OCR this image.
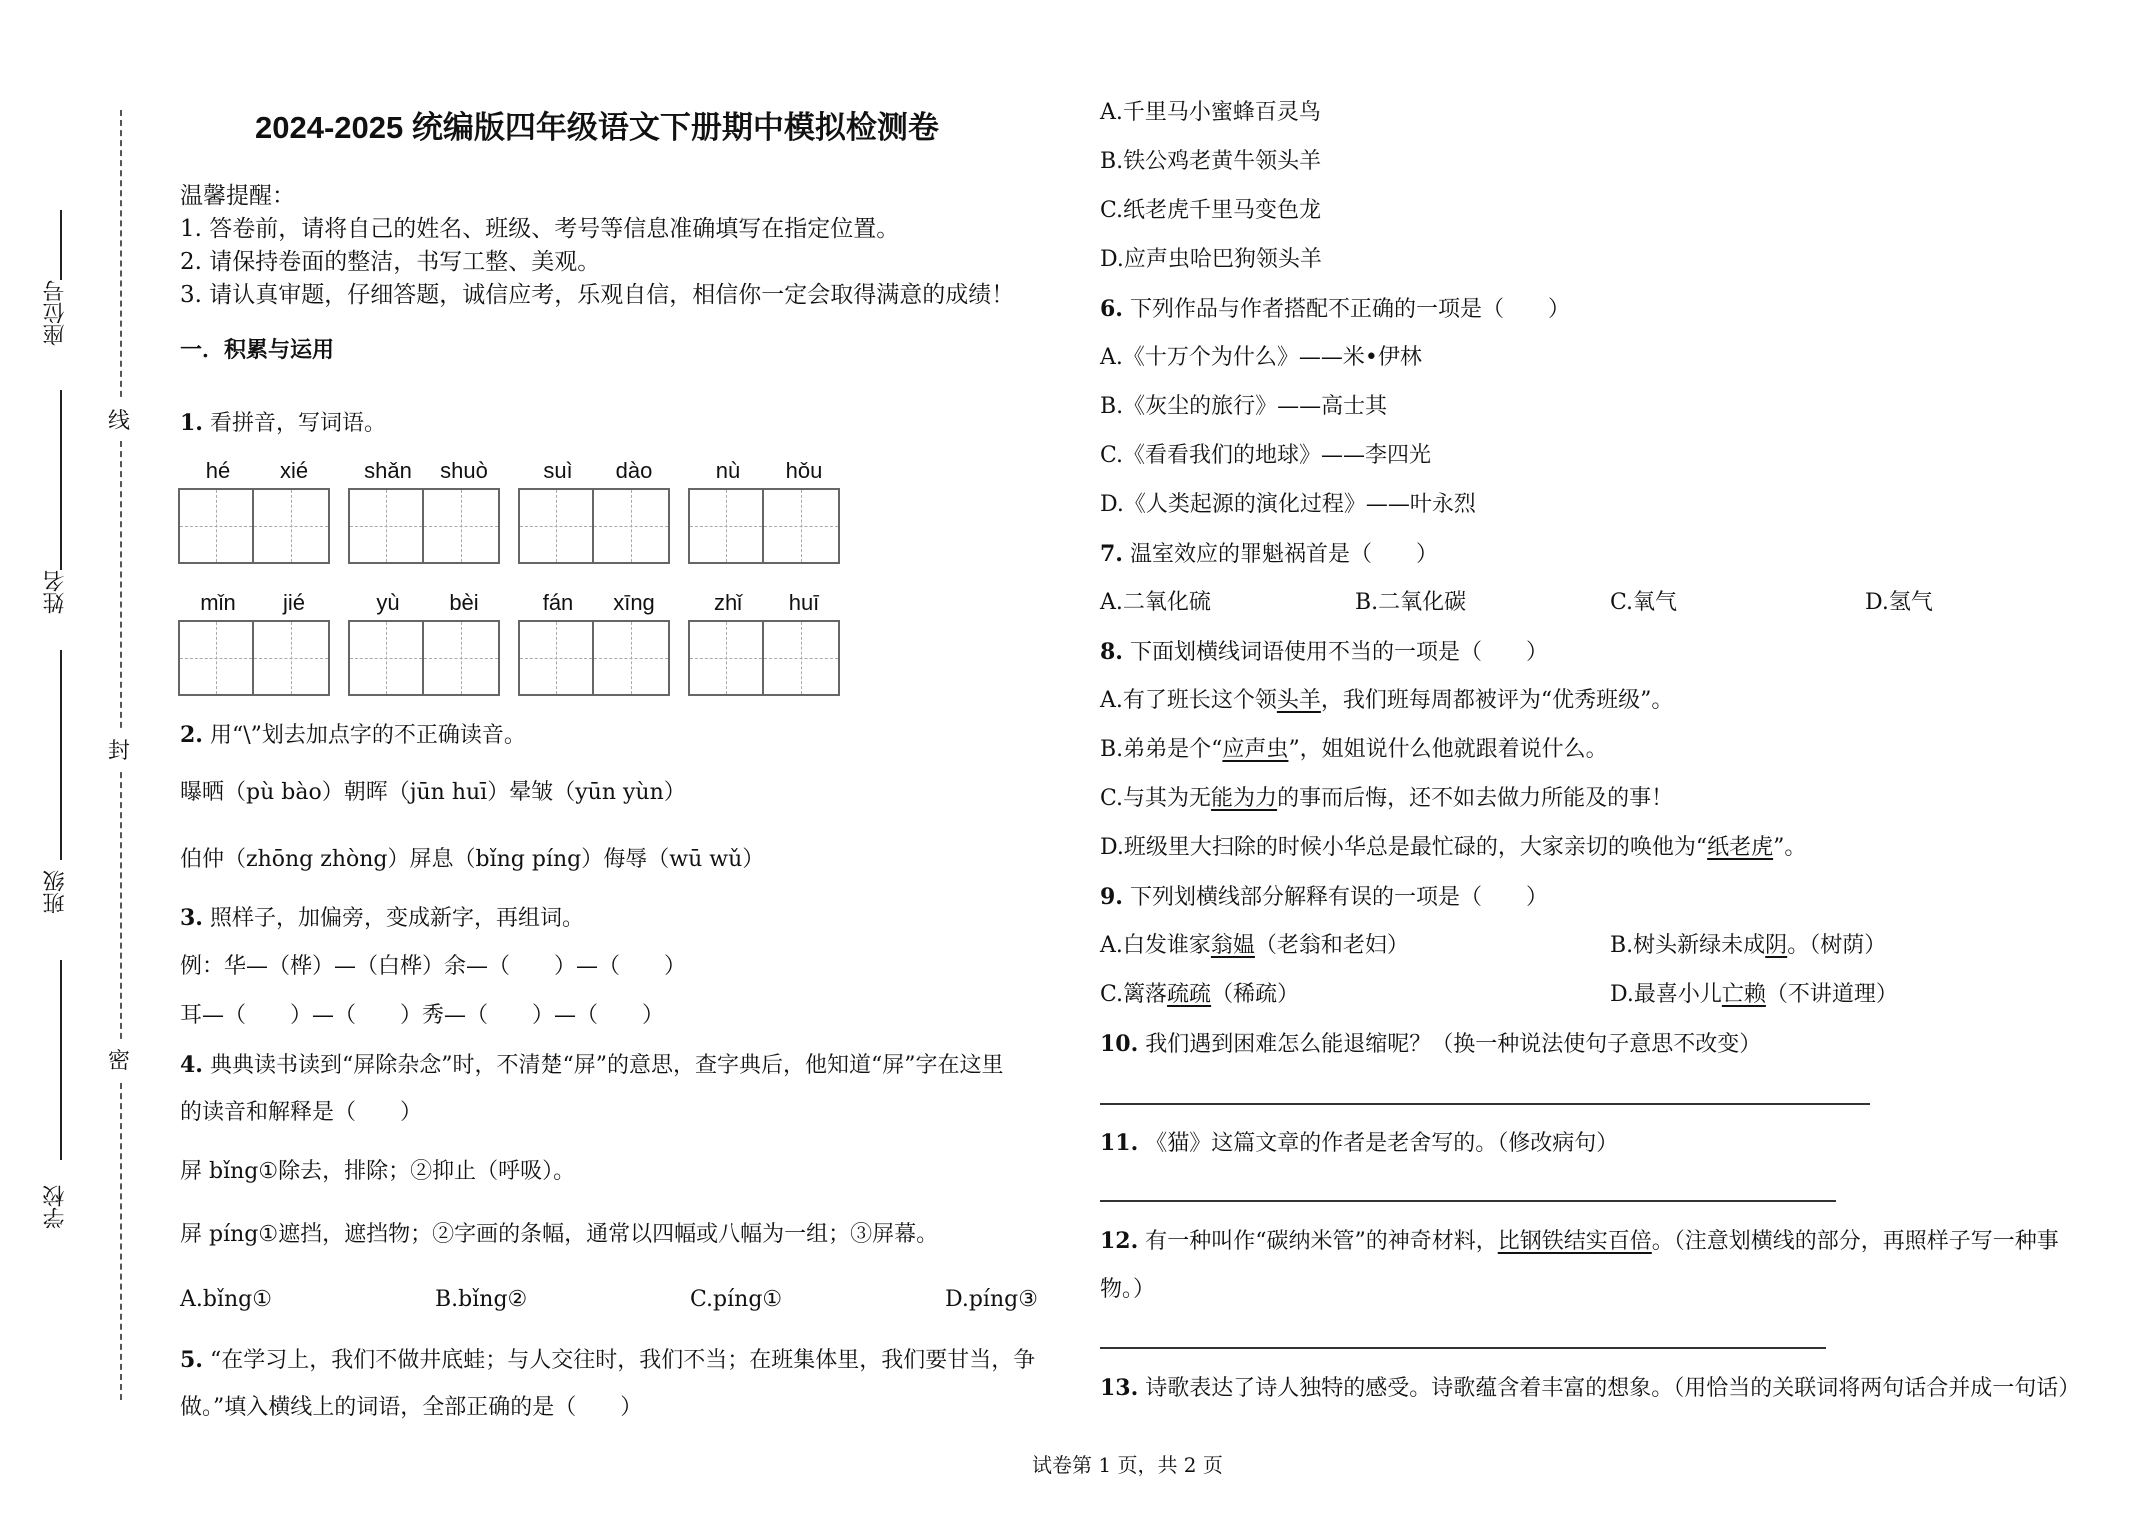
座位号
姓名
班级
学校
线
封
密
2024-2025 统编版四年级语文下册期中模拟检测卷
温馨提醒：
1. 答卷前，请将自己的姓名、班级、考号等信息准确填写在指定位置。
2. 请保持卷面的整洁，书写工整、美观。
3. 请认真审题，仔细答题，诚信应考，乐观自信，相信你一定会取得满意的成绩！
一．积累与运用
1. 看拼音，写词语。
hé	xié	shǎn	shuò	suì	dào	nù	hǒu
mǐn	jié	yù	bèi	fán	xīng	zhǐ	huī
2. 用“\”划去加点字的不正确读音。
曝晒（pù bào）朝晖（jūn huī）晕皱（yūn yùn）
伯仲（zhōng zhòng）屏息（bǐng píng）侮辱（wū wǔ）
3. 照样子，加偏旁，变成新字，再组词。
例：华—（桦）—（白桦）余—（　　）—（　　）
耳—（　　）—（　　）秀—（　　）—（　　）
4. 典典读书读到“屏除杂念”时，不清楚“屏”的意思，查字典后，他知道“屏”字在这里
的读音和解释是（　　）
屏 bǐng①除去，排除；②抑止（呼吸）。
屏 píng①遮挡，遮挡物；②字画的条幅，通常以四幅或八幅为一组；③屏幕。
A.bǐng①	B.bǐng②	C.píng①	D.píng③
5. “在学习上，我们不做井底蛙；与人交往时，我们不当；在班集体里，我们要甘当，争
做。”填入横线上的词语，全部正确的是（　　）
A.千里马小蜜蜂百灵鸟
B.铁公鸡老黄牛领头羊
C.纸老虎千里马变色龙
D.应声虫哈巴狗领头羊
6. 下列作品与作者搭配不正确的一项是（　　）
A.《十万个为什么》——米•伊林
B.《灰尘的旅行》——高士其
C.《看看我们的地球》——李四光
D.《人类起源的演化过程》——叶永烈
7. 温室效应的罪魁祸首是（　　）
A.二氧化硫	B.二氧化碳	C.氧气	D.氢气
8. 下面划横线词语使用不当的一项是（　　）
A.有了班长这个领头羊，我们班每周都被评为“优秀班级”。
B.弟弟是个“应声虫”，姐姐说什么他就跟着说什么。
C.与其为无能为力的事而后悔，还不如去做力所能及的事！
D.班级里大扫除的时候小华总是最忙碌的，大家亲切的唤他为“纸老虎”。
9. 下列划横线部分解释有误的一项是（　　）
A.白发谁家翁媪（老翁和老妇）	B.树头新绿未成阴。（树荫）
C.篱落疏疏（稀疏）	D.最喜小儿亡赖（不讲道理）
10. 我们遇到困难怎么能退缩呢？（换一种说法使句子意思不改变）
11. 《猫》这篇文章的作者是老舍写的。（修改病句）
12. 有一种叫作“碳纳米管”的神奇材料，比钢铁结实百倍。（注意划横线的部分，再照样子写一种事
物。）
13. 诗歌表达了诗人独特的感受。诗歌蕴含着丰富的想象。（用恰当的关联词将两句话合并成一句话）
试卷第 1 页，共 2 页
